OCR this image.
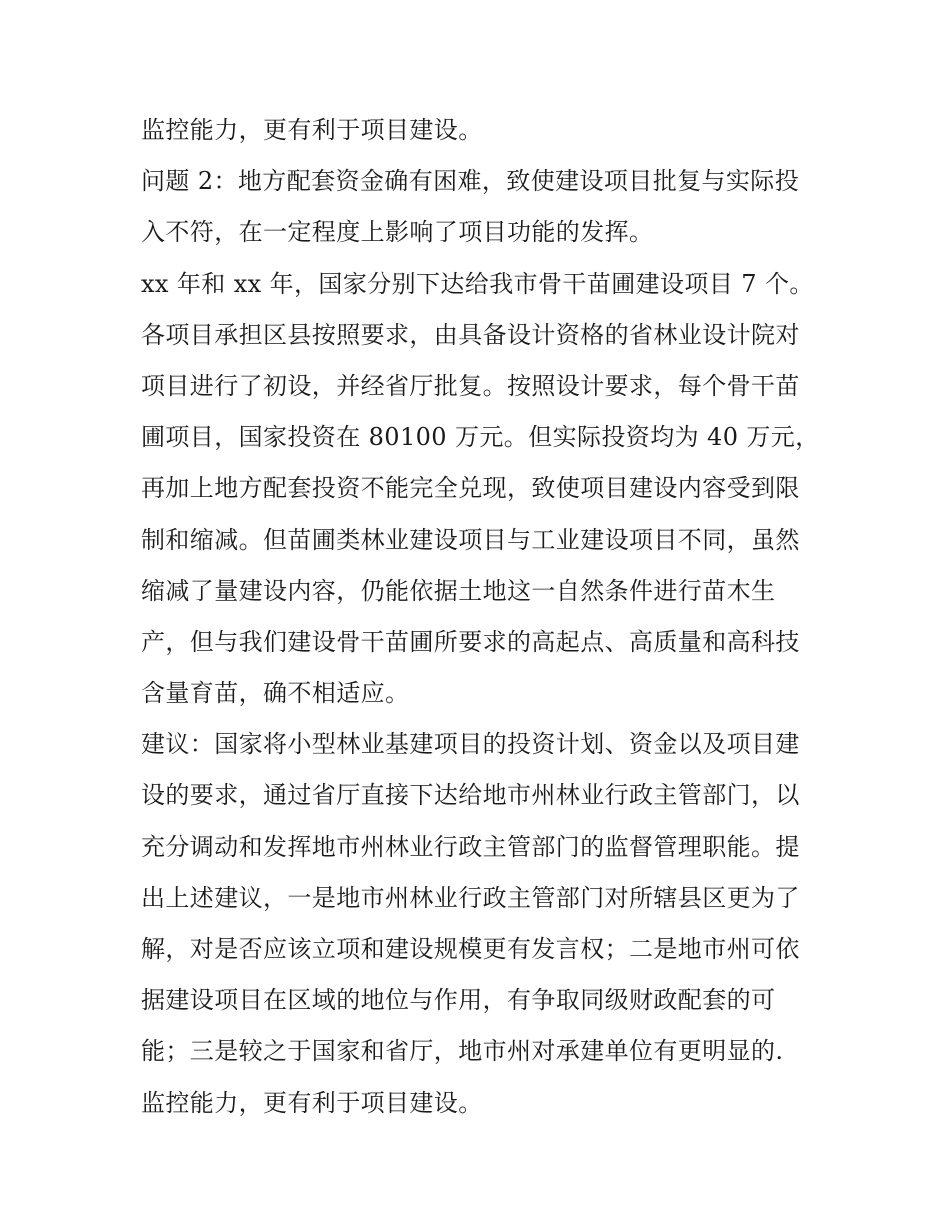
监控能力，更有利于项目建设。
问题 2：地方配套资金确有困难，致使建设项目批复与实际投
入不符，在一定程度上影响了项目功能的发挥。
xx 年和 xx 年，国家分别下达给我市骨干苗圃建设项目 7 个。
各项目承担区县按照要求，由具备设计资格的省林业设计院对
项目进行了初设，并经省厅批复。按照设计要求，每个骨干苗
圃项目，国家投资在 80100 万元。但实际投资均为 40 万元，
再加上地方配套投资不能完全兑现，致使项目建设内容受到限
制和缩减。但苗圃类林业建设项目与工业建设项目不同，虽然
缩减了量建设内容，仍能依据土地这一自然条件进行苗木生
产，但与我们建设骨干苗圃所要求的高起点、高质量和高科技
含量育苗，确不相适应。
建议：国家将小型林业基建项目的投资计划、资金以及项目建
设的要求，通过省厅直接下达给地市州林业行政主管部门，以
充分调动和发挥地市州林业行政主管部门的监督管理职能。提
出上述建议，一是地市州林业行政主管部门对所辖县区更为了
解，对是否应该立项和建设规模更有发言权；二是地市州可依
据建设项目在区域的地位与作用，有争取同级财政配套的可
能；三是较之于国家和省厅，地市州对承建单位有更明显的.
监控能力，更有利于项目建设。
